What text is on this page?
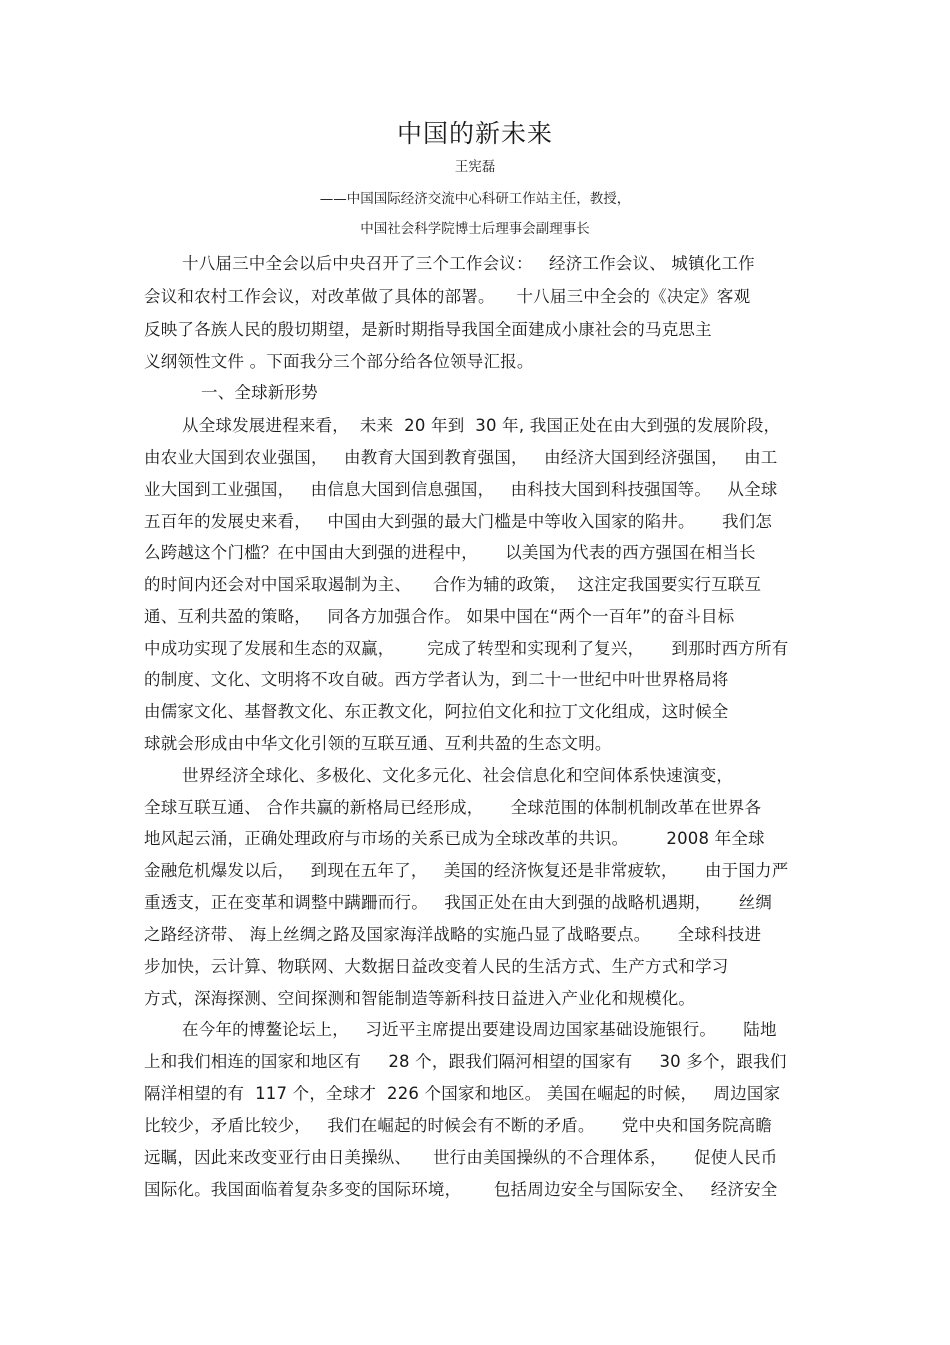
中国的新未来
王宪磊
——中国国际经济交流中心科研工作站主任，教授，
中国社会科学院博士后理事会副理事长
十八届三中全会以后中央召开了三个工作会议：   经济工作会议、 城镇化工作
会议和农村工作会议，对改革做了具体的部署。    十八届三中全会的《决定》客观
反映了各族人民的殷切期望，是新时期指导我国全面建成小康社会的马克思主
义纲领性文件 。下面我分三个部分给各位领导汇报。
一、全球新形势
从全球发展进程来看，  未来  20 年到  30 年, 我国正处在由大到强的发展阶段，
由农业大国到农业强国，   由教育大国到教育强国，   由经济大国到经济强国，   由工
业大国到工业强国，   由信息大国到信息强国，   由科技大国到科技强国等。   从全球
五百年的发展史来看，   中国由大到强的最大门槛是中等收入国家的陷井。     我们怎
么跨越这个门槛？在中国由大到强的进程中，     以美国为代表的西方强国在相当长
的时间内还会对中国采取遏制为主、    合作为辅的政策，  这注定我国要实行互联互
通、互利共盈的策略，   同各方加强合作。 如果中国在“两个一百年”的奋斗目标
中成功实现了发展和生态的双赢，      完成了转型和实现利了复兴，     到那时西方所有
的制度、文化、文明将不攻自破。西方学者认为，到二十一世纪中叶世界格局将
由儒家文化、基督教文化、东正教文化，阿拉伯文化和拉丁文化组成，这时候全
球就会形成由中华文化引领的互联互通、互利共盈的生态文明。
世界经济全球化、多极化、文化多元化、社会信息化和空间体系快速演变，
全球互联互通、 合作共赢的新格局已经形成，     全球范围的体制机制改革在世界各
地风起云涌，正确处理政府与市场的关系已成为全球改革的共识。       2008 年全球
金融危机爆发以后，   到现在五年了，   美国的经济恢复还是非常疲软，     由于国力严
重透支，正在变革和调整中蹒跚而行。   我国正处在由大到强的战略机遇期，     丝绸
之路经济带、 海上丝绸之路及国家海洋战略的实施凸显了战略要点。     全球科技进
步加快，云计算、物联网、大数据日益改变着人民的生活方式、生产方式和学习
方式，深海探测、空间探测和智能制造等新科技日益进入产业化和规模化。
在今年的博鳌论坛上，   习近平主席提出要建设周边国家基础设施银行。     陆地
上和我们相连的国家和地区有     28 个，跟我们隔河相望的国家有     30 多个，跟我们
隔洋相望的有  117 个，全球才  226 个国家和地区。 美国在崛起的时候，   周边国家
比较少，矛盾比较少，   我们在崛起的时候会有不断的矛盾。     党中央和国务院高瞻
远瞩，因此来改变亚行由日美操纵、    世行由美国操纵的不合理体系，     促使人民币
国际化。我国面临着复杂多变的国际环境，      包括周边安全与国际安全、   经济安全
